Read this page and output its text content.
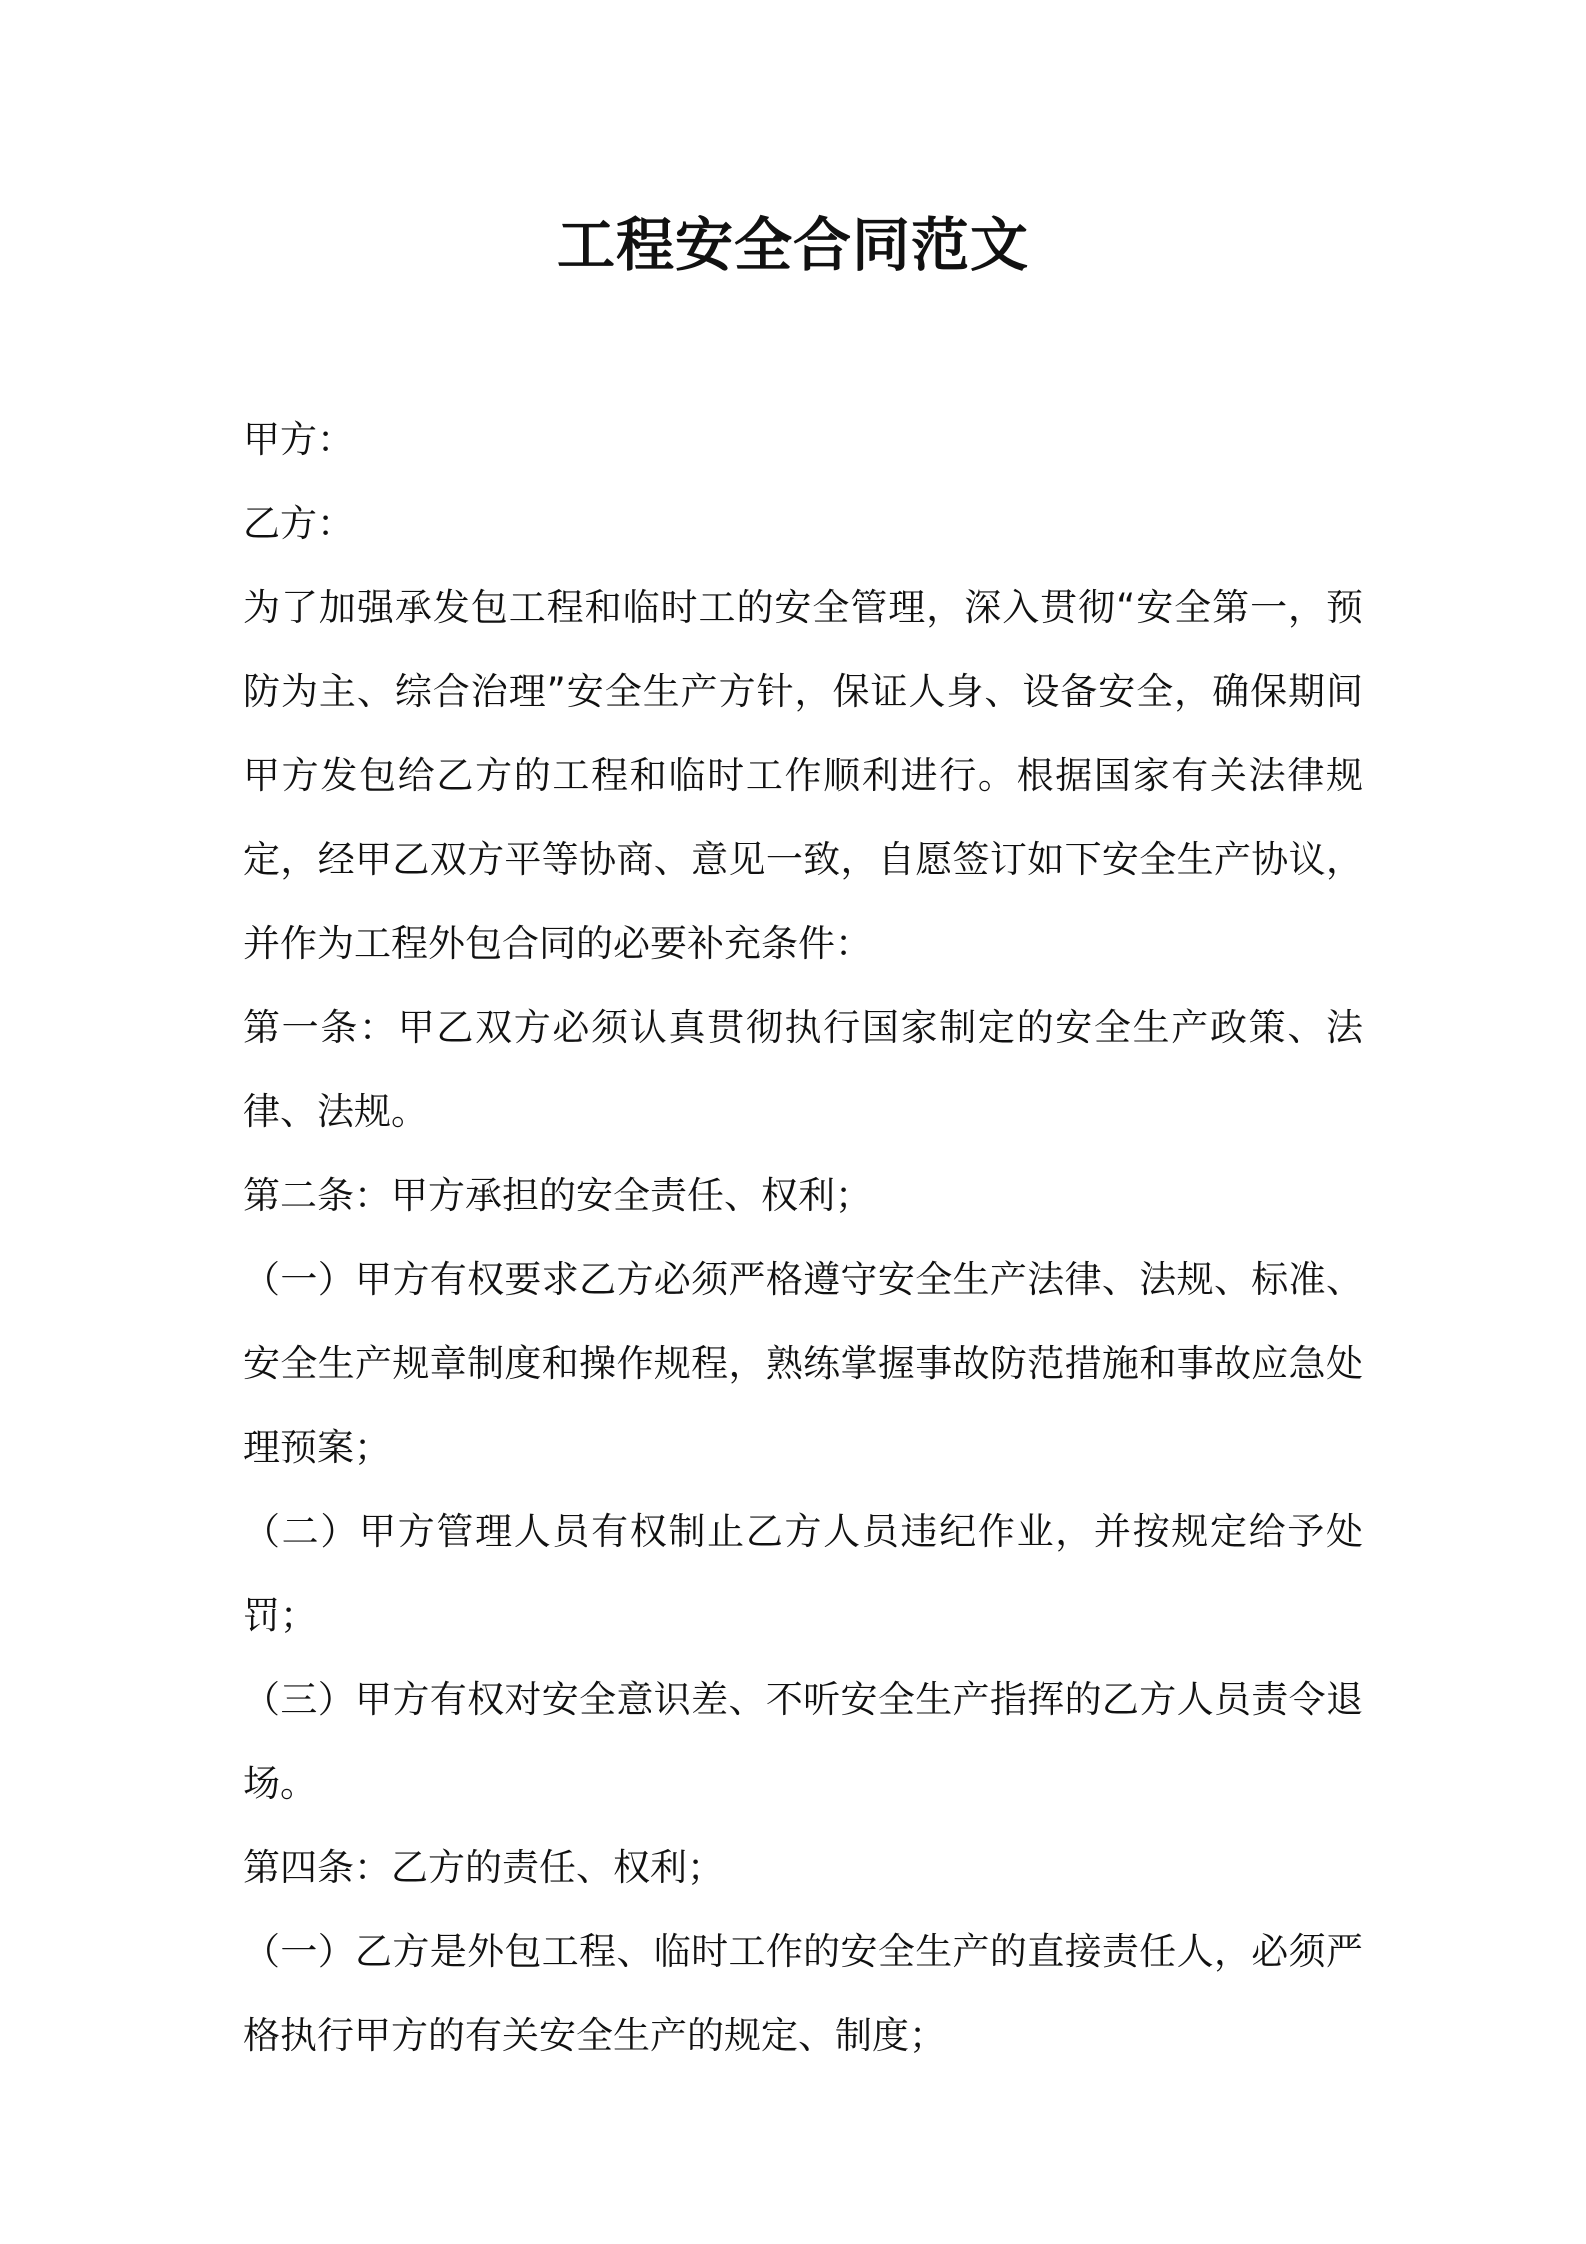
工程安全合同范文

甲方：

乙方：

为了加强承发包工程和临时工的安全管理，深入贯彻“安全第一，预防为主、综合治理”安全生产方针，保证人身、设备安全，确保期间甲方发包给乙方的工程和临时工作顺利进行。根据国家有关法律规定，经甲乙双方平等协商、意见一致，自愿签订如下安全生产协议，并作为工程外包合同的必要补充条件：

第一条：甲乙双方必须认真贯彻执行国家制定的安全生产政策、法律、法规。

第二条：甲方承担的安全责任、权利；

（一）甲方有权要求乙方必须严格遵守安全生产法律、法规、标准、安全生产规章制度和操作规程，熟练掌握事故防范措施和事故应急处理预案；

（二）甲方管理人员有权制止乙方人员违纪作业，并按规定给予处罚；

（三）甲方有权对安全意识差、不听安全生产指挥的乙方人员责令退场。

第四条：乙方的责任、权利；

（一）乙方是外包工程、临时工作的安全生产的直接责任人，必须严格执行甲方的有关安全生产的规定、制度；
